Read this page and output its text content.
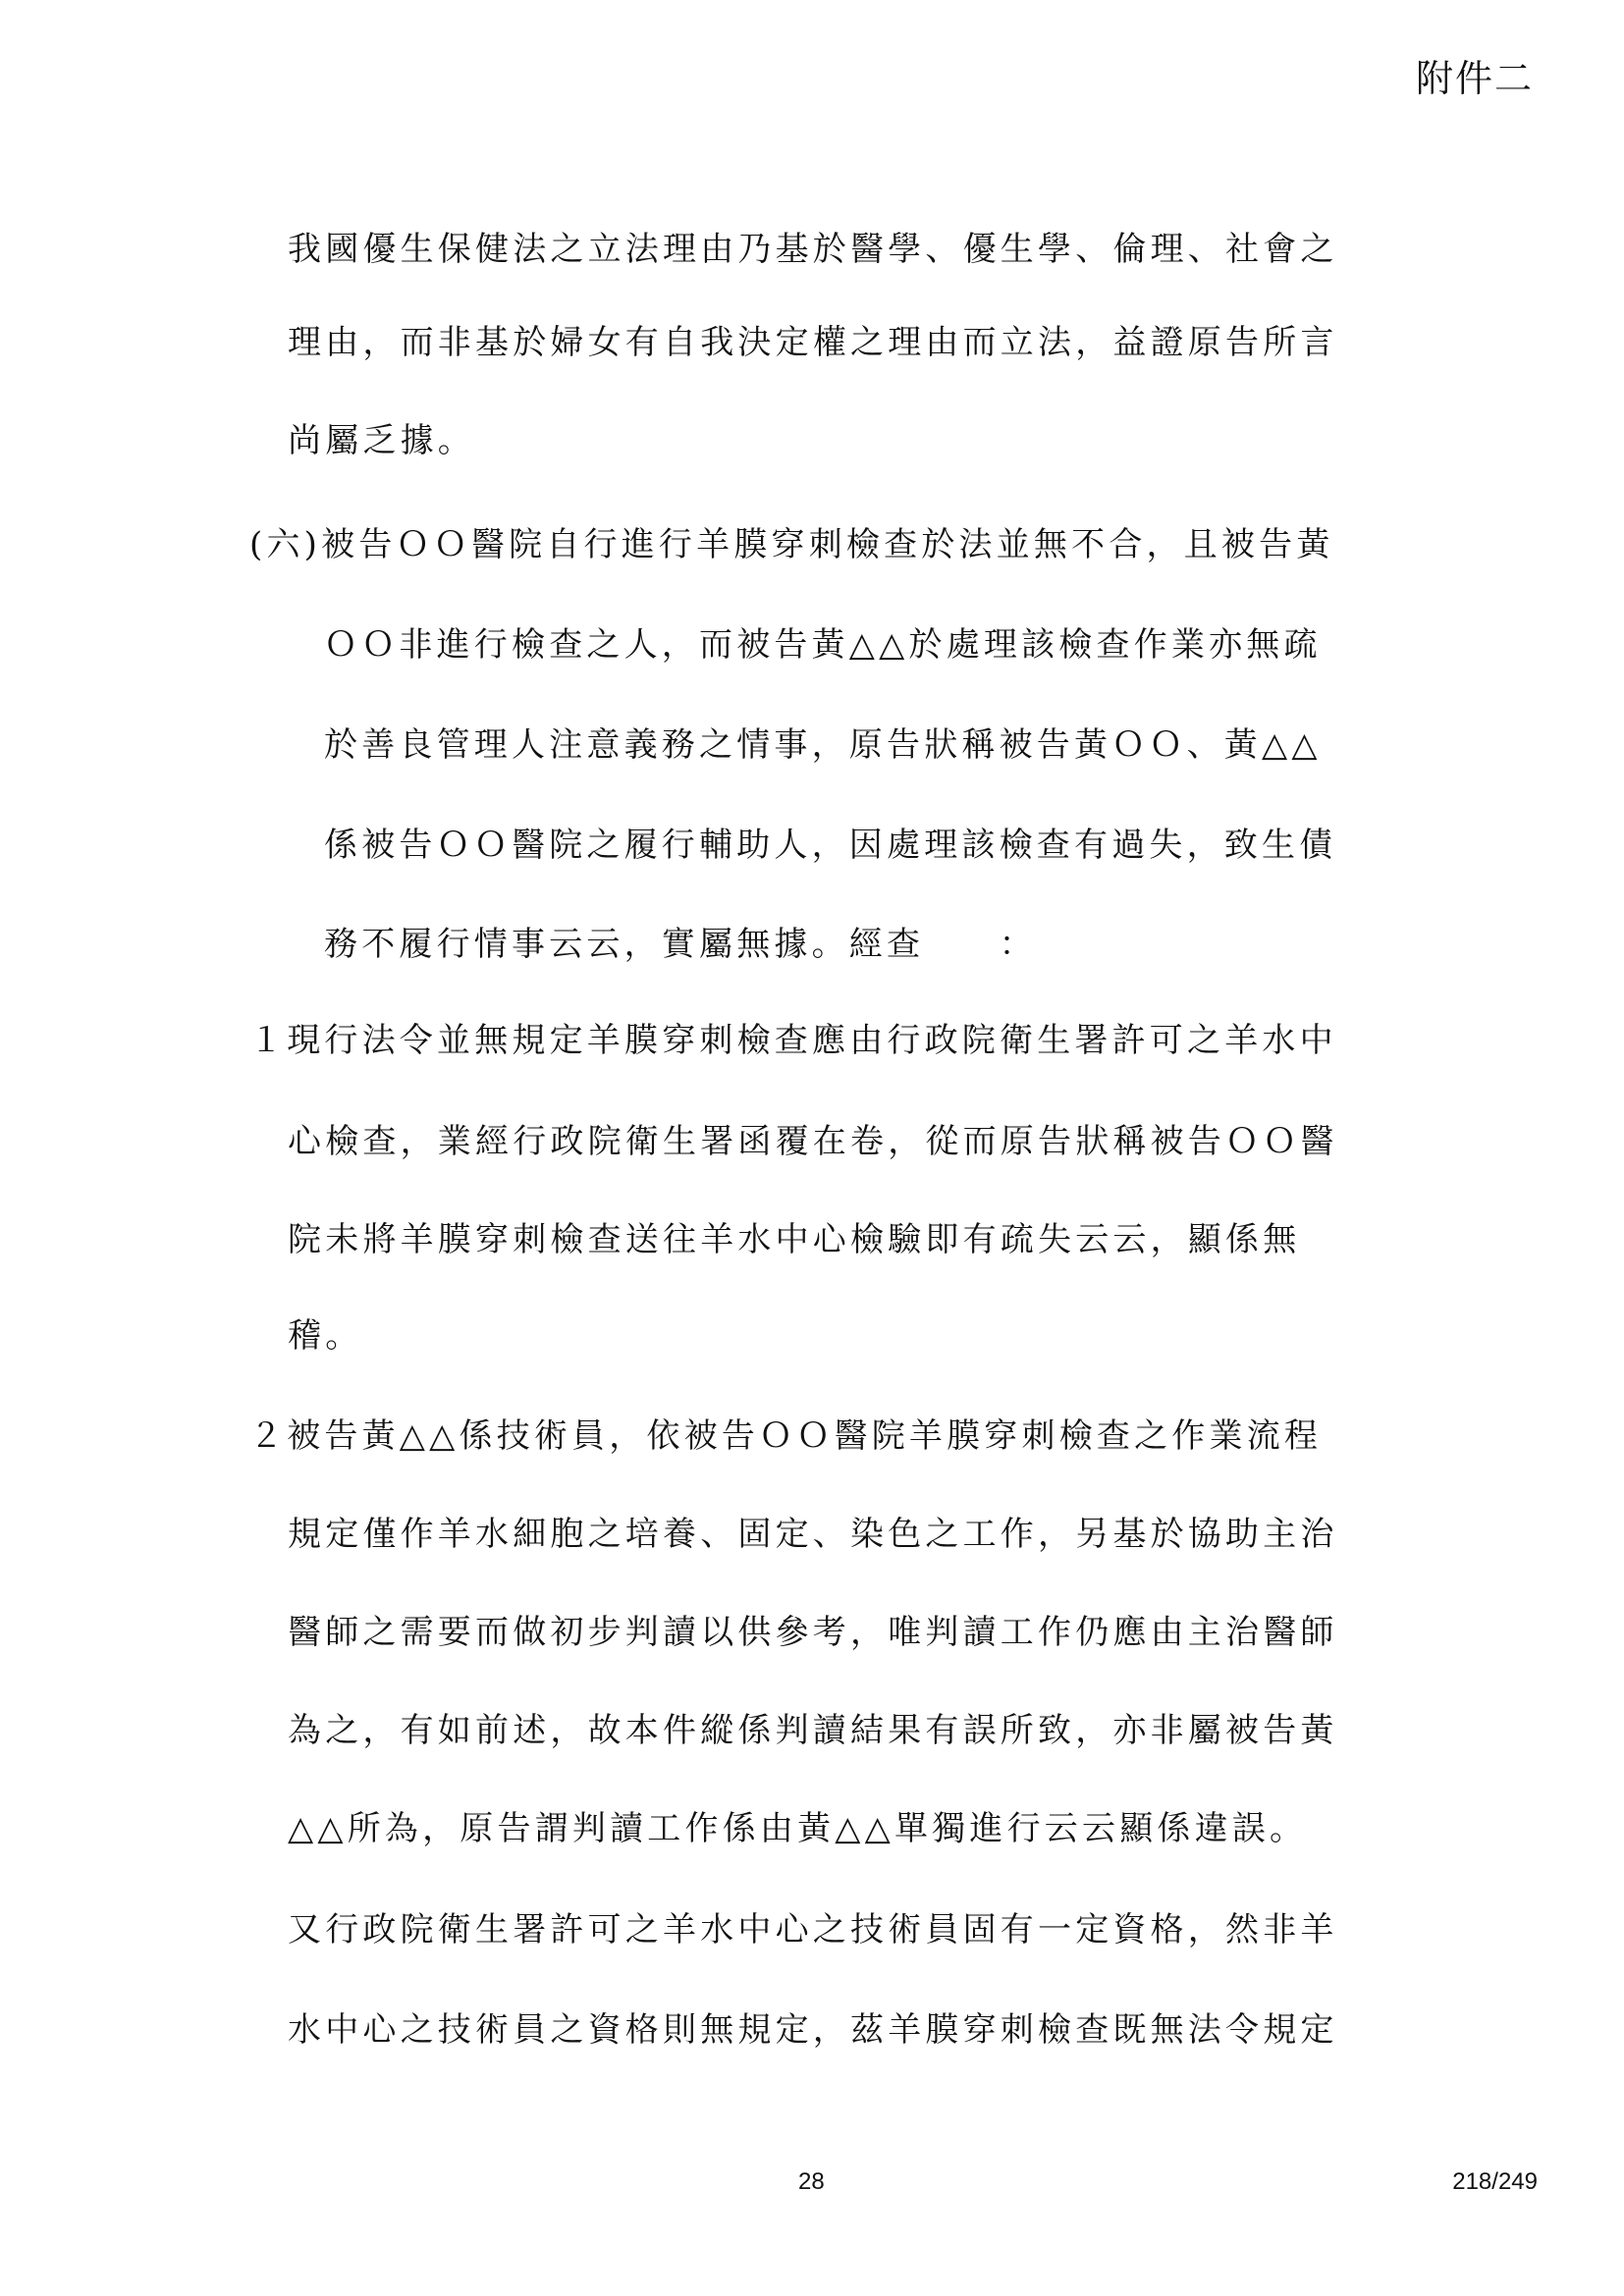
附件二
我國優生保健法之立法理由乃基於醫學、優生學、倫理、社會之
理由，而非基於婦女有自我決定權之理由而立法，益證原告所言
尚屬乏據。
(六)被告ＯＯ醫院自行進行羊膜穿刺檢查於法並無不合，且被告黃
ＯＯ非進行檢查之人，而被告黃△△於處理該檢查作業亦無疏
於善良管理人注意義務之情事，原告狀稱被告黃ＯＯ、黃△△
係被告ＯＯ醫院之履行輔助人，因處理該檢查有過失，致生債
務不履行情事云云，實屬無據。經查　　：
１現行法令並無規定羊膜穿刺檢查應由行政院衛生署許可之羊水中
心檢查，業經行政院衛生署函覆在卷，從而原告狀稱被告ＯＯ醫
院未將羊膜穿刺檢查送往羊水中心檢驗即有疏失云云，顯係無
稽。
２被告黃△△係技術員，依被告ＯＯ醫院羊膜穿刺檢查之作業流程
規定僅作羊水細胞之培養、固定、染色之工作，另基於協助主治
醫師之需要而做初步判讀以供參考，唯判讀工作仍應由主治醫師
為之，有如前述，故本件縱係判讀結果有誤所致，亦非屬被告黃
△△所為，原告謂判讀工作係由黃△△單獨進行云云顯係違誤。
又行政院衛生署許可之羊水中心之技術員固有一定資格，然非羊
水中心之技術員之資格則無規定，茲羊膜穿刺檢查既無法令規定
28	218/249
